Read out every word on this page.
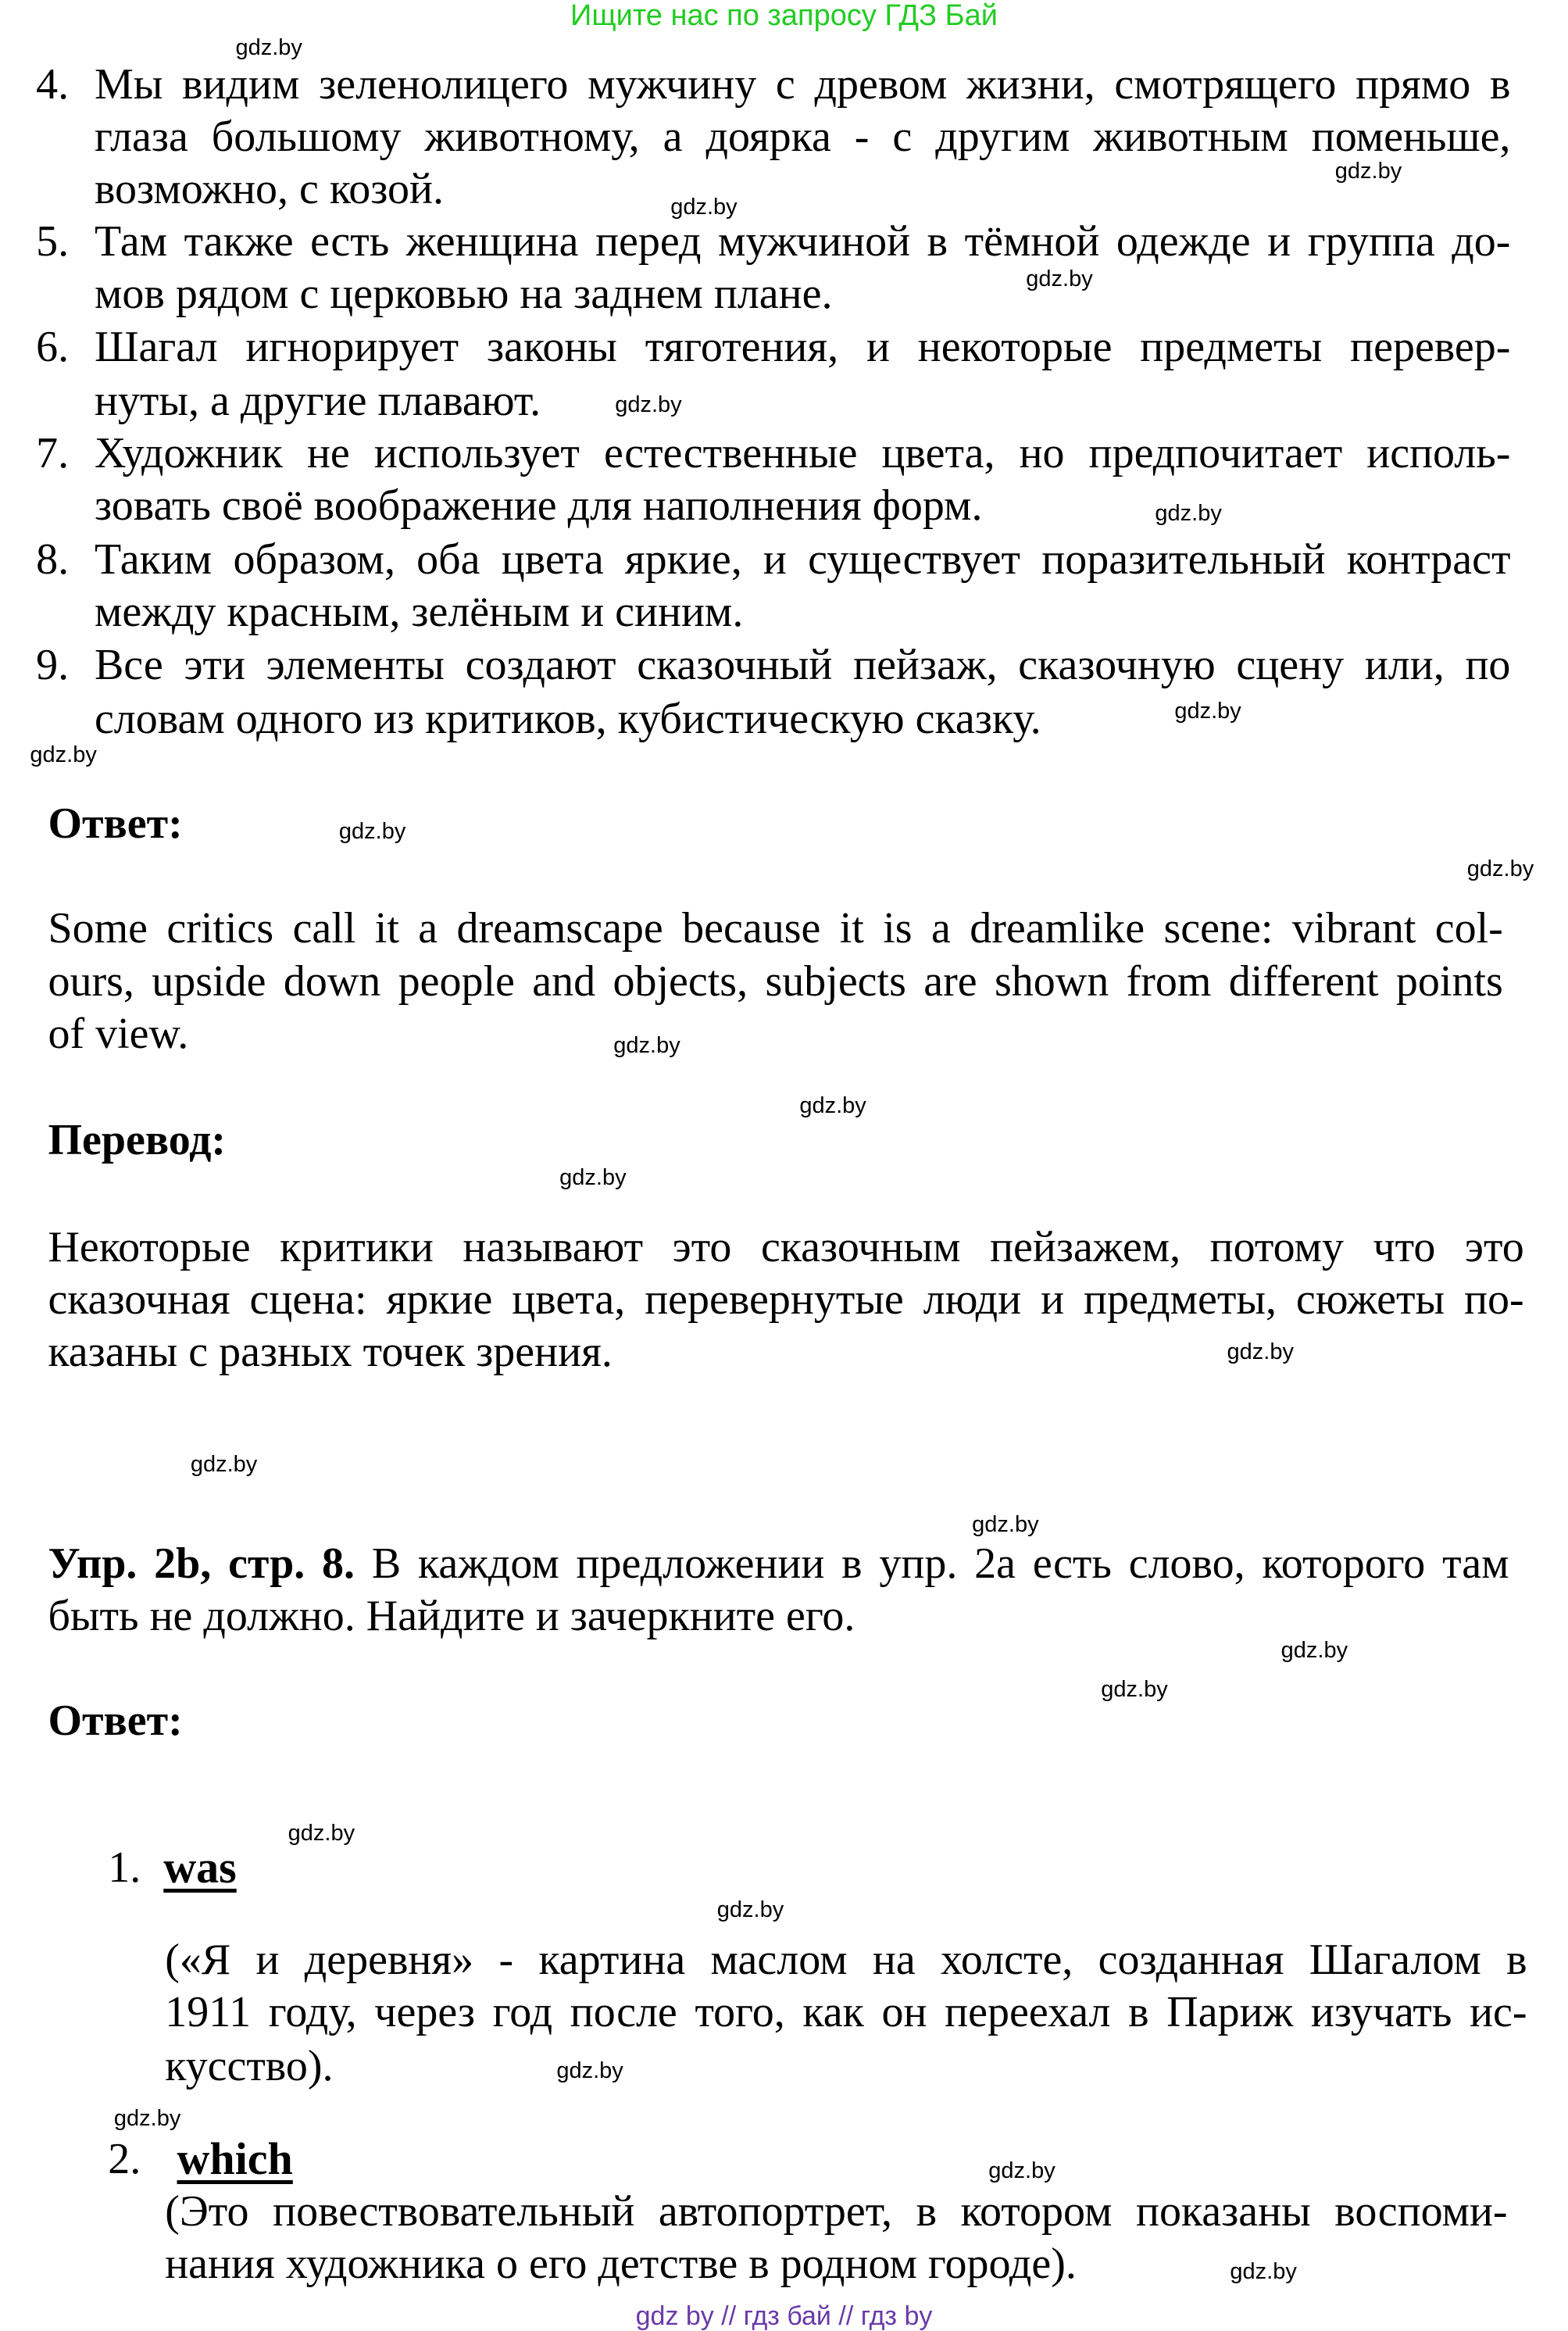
Ищите нас по запросу ГДЗ Бай
gdz by // гдз бай // гдз by
4. Мы видим зеленолицего мужчину с древом жизни, смотрящего прямо в
глаза большому животному, а доярка - с другим животным поменьше,
возможно, с козой.
5. Там также есть женщина перед мужчиной в тёмной одежде и группа до-
мов рядом с церковью на заднем плане.
6. Шагал игнорирует законы тяготения, и некоторые предметы перевер-
нуты, а другие плавают.
7. Художник не использует естественные цвета, но предпочитает исполь-
зовать своё воображение для наполнения форм.
8. Таким образом, оба цвета яркие, и существует поразительный контраст
между красным, зелёным и синим.
9. Все эти элементы создают сказочный пейзаж, сказочную сцену или, по
словам одного из критиков, кубистическую сказку.
Ответ:
Some critics call it a dreamscape because it is a dreamlike scene: vibrant col-
ours, upside down people and objects, subjects are shown from different points
of view.
Перевод:
Некоторые критики называют это сказочным пейзажем, потому что это
сказочная сцена: яркие цвета, перевернутые люди и предметы, сюжеты по-
казаны с разных точек зрения.
Упр. 2b, стр. 8. В каждом предложении в упр. 2а есть слово, которого там
быть не должно. Найдите и зачеркните его.
Ответ:
1. was
(«Я и деревня» - картина маслом на холсте, созданная Шагалом в
1911 году, через год после того, как он переехал в Париж изучать ис-
кусство).
2. which
(Это повествовательный автопортрет, в котором показаны воспоми-
нания художника о его детстве в родном городе).
gdz.by
gdz.by
gdz.by
gdz.by
gdz.by
gdz.by
gdz.by
gdz.by
gdz.by
gdz.by
gdz.by
gdz.by
gdz.by
gdz.by
gdz.by
gdz.by
gdz.by
gdz.by
gdz.by
gdz.by
gdz.by
gdz.by
gdz.by
gdz.by
